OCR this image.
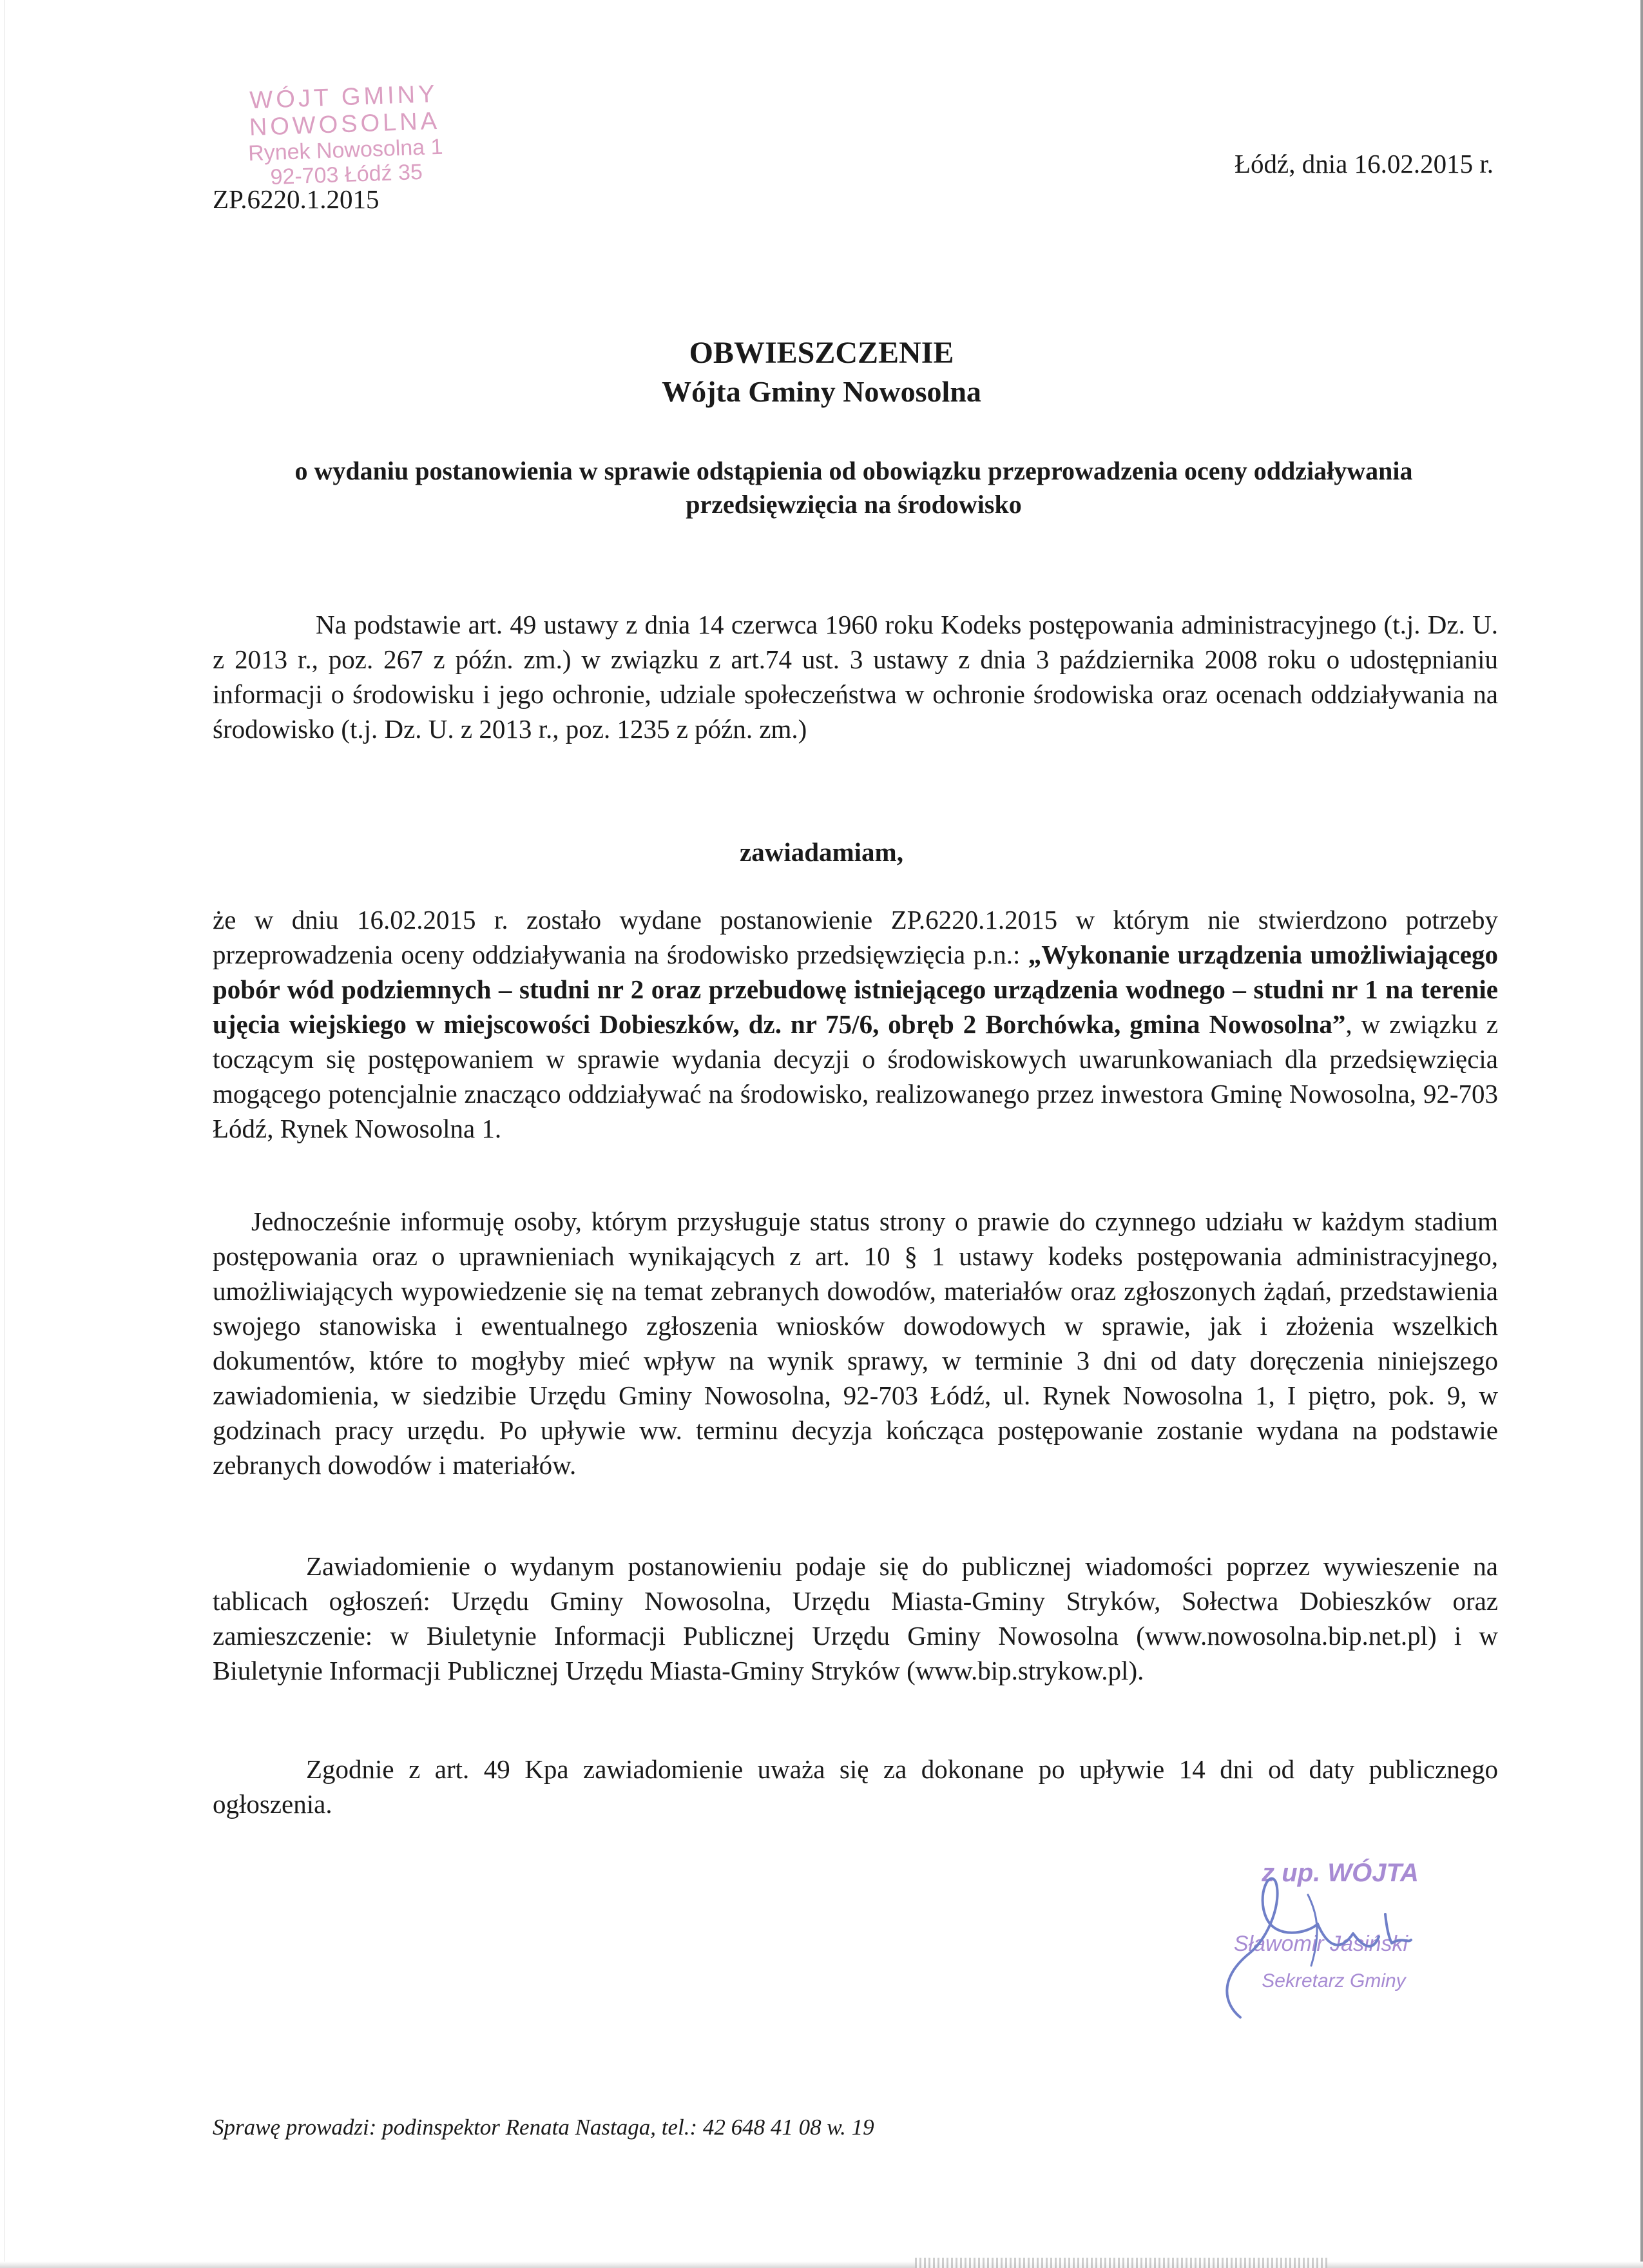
WÓJT GMINY NOWOSOLNA
Rynek Nowosolna 1
92-703 Łódź 35
ZP.6220.1.2015
Łódź, dnia 16.02.2015 r.
OBWIESZCZENIE
Wójta Gminy Nowosolna
o wydaniu postanowienia w sprawie odstąpienia od obowiązku przeprowadzenia oceny oddziaływania przedsięwzięcia na środowisko
Na podstawie art. 49 ustawy z dnia 14 czerwca 1960 roku Kodeks postępowania administracyjnego (t.j. Dz. U. z 2013 r., poz. 267 z późn. zm.) w związku z art.74 ust. 3 ustawy z dnia 3 października 2008 roku o udostępnianiu informacji o środowisku i jego ochronie, udziale społeczeństwa w ochronie środowiska oraz ocenach oddziaływania na środowisko (t.j. Dz. U. z 2013 r., poz. 1235 z późn. zm.)
zawiadamiam,
że w dniu 16.02.2015 r. zostało wydane postanowienie ZP.6220.1.2015 w którym nie stwierdzono potrzeby przeprowadzenia oceny oddziaływania na środowisko przedsięwzięcia p.n.: „Wykonanie urządzenia umożliwiającego pobór wód podziemnych – studni nr 2 oraz przebudowę istniejącego urządzenia wodnego – studni nr 1 na terenie ujęcia wiejskiego w miejscowości Dobieszków, dz. nr 75/6, obręb 2 Borchówka, gmina Nowosolna”, w związku z toczącym się postępowaniem w sprawie wydania decyzji o środowiskowych uwarunkowaniach dla przedsięwzięcia mogącego potencjalnie znacząco oddziaływać na środowisko, realizowanego przez inwestora Gminę Nowosolna, 92-703 Łódź, Rynek Nowosolna 1.
Jednocześnie informuję osoby, którym przysługuje status strony o prawie do czynnego udziału w każdym stadium postępowania oraz o uprawnieniach wynikających z art. 10 § 1 ustawy kodeks postępowania administracyjnego, umożliwiających wypowiedzenie się na temat zebranych dowodów, materiałów oraz zgłoszonych żądań, przedstawienia swojego stanowiska i ewentualnego zgłoszenia wniosków dowodowych w sprawie, jak i złożenia wszelkich dokumentów, które to mogłyby mieć wpływ na wynik sprawy, w terminie 3 dni od daty doręczenia niniejszego zawiadomienia, w siedzibie Urzędu Gminy Nowosolna, 92-703 Łódź, ul. Rynek Nowosolna 1, I piętro, pok. 9, w godzinach pracy urzędu. Po upływie ww. terminu decyzja kończąca postępowanie zostanie wydana na podstawie zebranych dowodów i materiałów.
Zawiadomienie o wydanym postanowieniu podaje się do publicznej wiadomości poprzez wywieszenie na tablicach ogłoszeń: Urzędu Gminy Nowosolna, Urzędu Miasta-Gminy Stryków, Sołectwa Dobieszków oraz zamieszczenie: w Biuletynie Informacji Publicznej Urzędu Gminy Nowosolna (www.nowosolna.bip.net.pl) i w Biuletynie Informacji Publicznej Urzędu Miasta-Gminy Stryków (www.bip.strykow.pl).
Zgodnie z art. 49 Kpa zawiadomienie uważa się za dokonane po upływie 14 dni od daty publicznego ogłoszenia.
z up. WÓJTA
Sławomir Jasiński
Sekretarz Gminy
Sprawę prowadzi: podinspektor Renata Nastaga, tel.: 42 648 41 08 w. 19
